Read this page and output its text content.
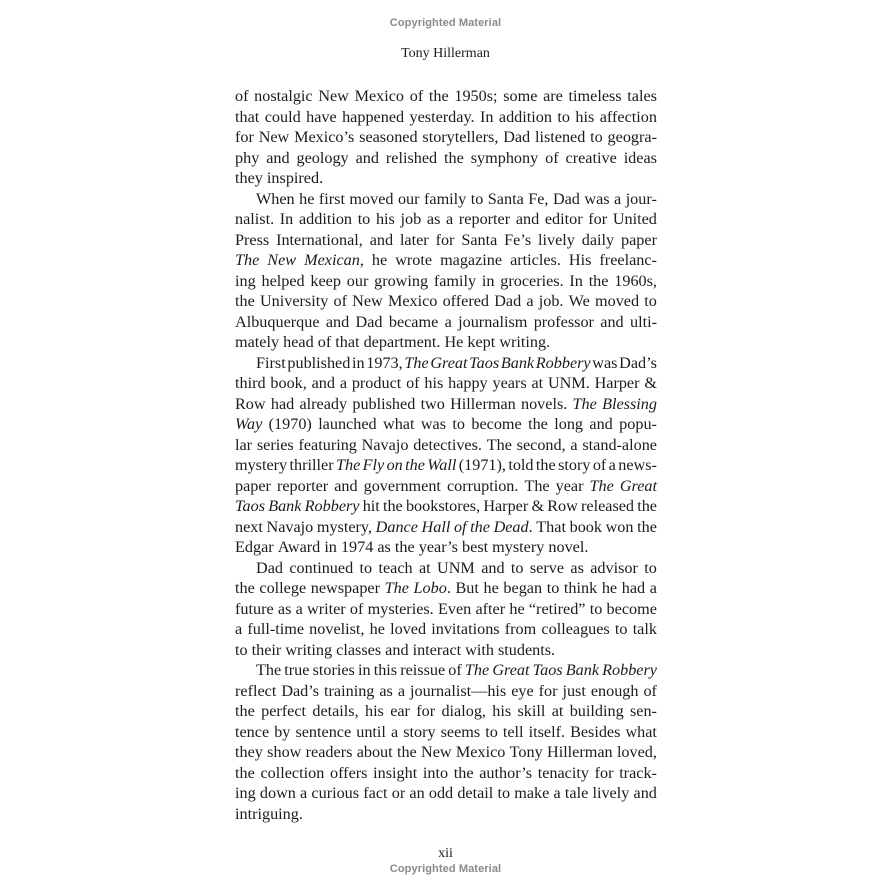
Copyrighted Material
Tony Hillerman
of nostalgic New Mexico of the 1950s; some are timeless tales
that could have happened yesterday. In addition to his affection
for New Mexico’s seasoned storytellers, Dad listened to geogra-
phy and geology and relished the symphony of creative ideas
they inspired.
When he first moved our family to Santa Fe, Dad was a jour-
nalist. In addition to his job as a reporter and editor for United
Press International, and later for Santa Fe’s lively daily paper
The New Mexican, he wrote magazine articles. His freelanc-
ing helped keep our growing family in groceries. In the 1960s,
the University of New Mexico offered Dad a job. We moved to
Albuquerque and Dad became a journalism professor and ulti-
mately head of that department. He kept writing.
First published in 1973, The Great Taos Bank Robbery was Dad’s
third book, and a product of his happy years at UNM. Harper &
Row had already published two Hillerman novels. The Blessing
Way (1970) launched what was to become the long and popu-
lar series featuring Navajo detectives. The second, a stand-alone
mystery thriller The Fly on the Wall (1971), told the story of a news-
paper reporter and government corruption. The year The Great
Taos Bank Robbery hit the bookstores, Harper & Row released the
next Navajo mystery, Dance Hall of the Dead. That book won the
Edgar Award in 1974 as the year’s best mystery novel.
Dad continued to teach at UNM and to serve as advisor to
the college newspaper The Lobo. But he began to think he had a
future as a writer of mysteries. Even after he “retired” to become
a full-time novelist, he loved invitations from colleagues to talk
to their writing classes and interact with students.
The true stories in this reissue of The Great Taos Bank Robbery
reflect Dad’s training as a journalist—his eye for just enough of
the perfect details, his ear for dialog, his skill at building sen-
tence by sentence until a story seems to tell itself. Besides what
they show readers about the New Mexico Tony Hillerman loved,
the collection offers insight into the author’s tenacity for track-
ing down a curious fact or an odd detail to make a tale lively and
intriguing.
xii
Copyrighted Material
